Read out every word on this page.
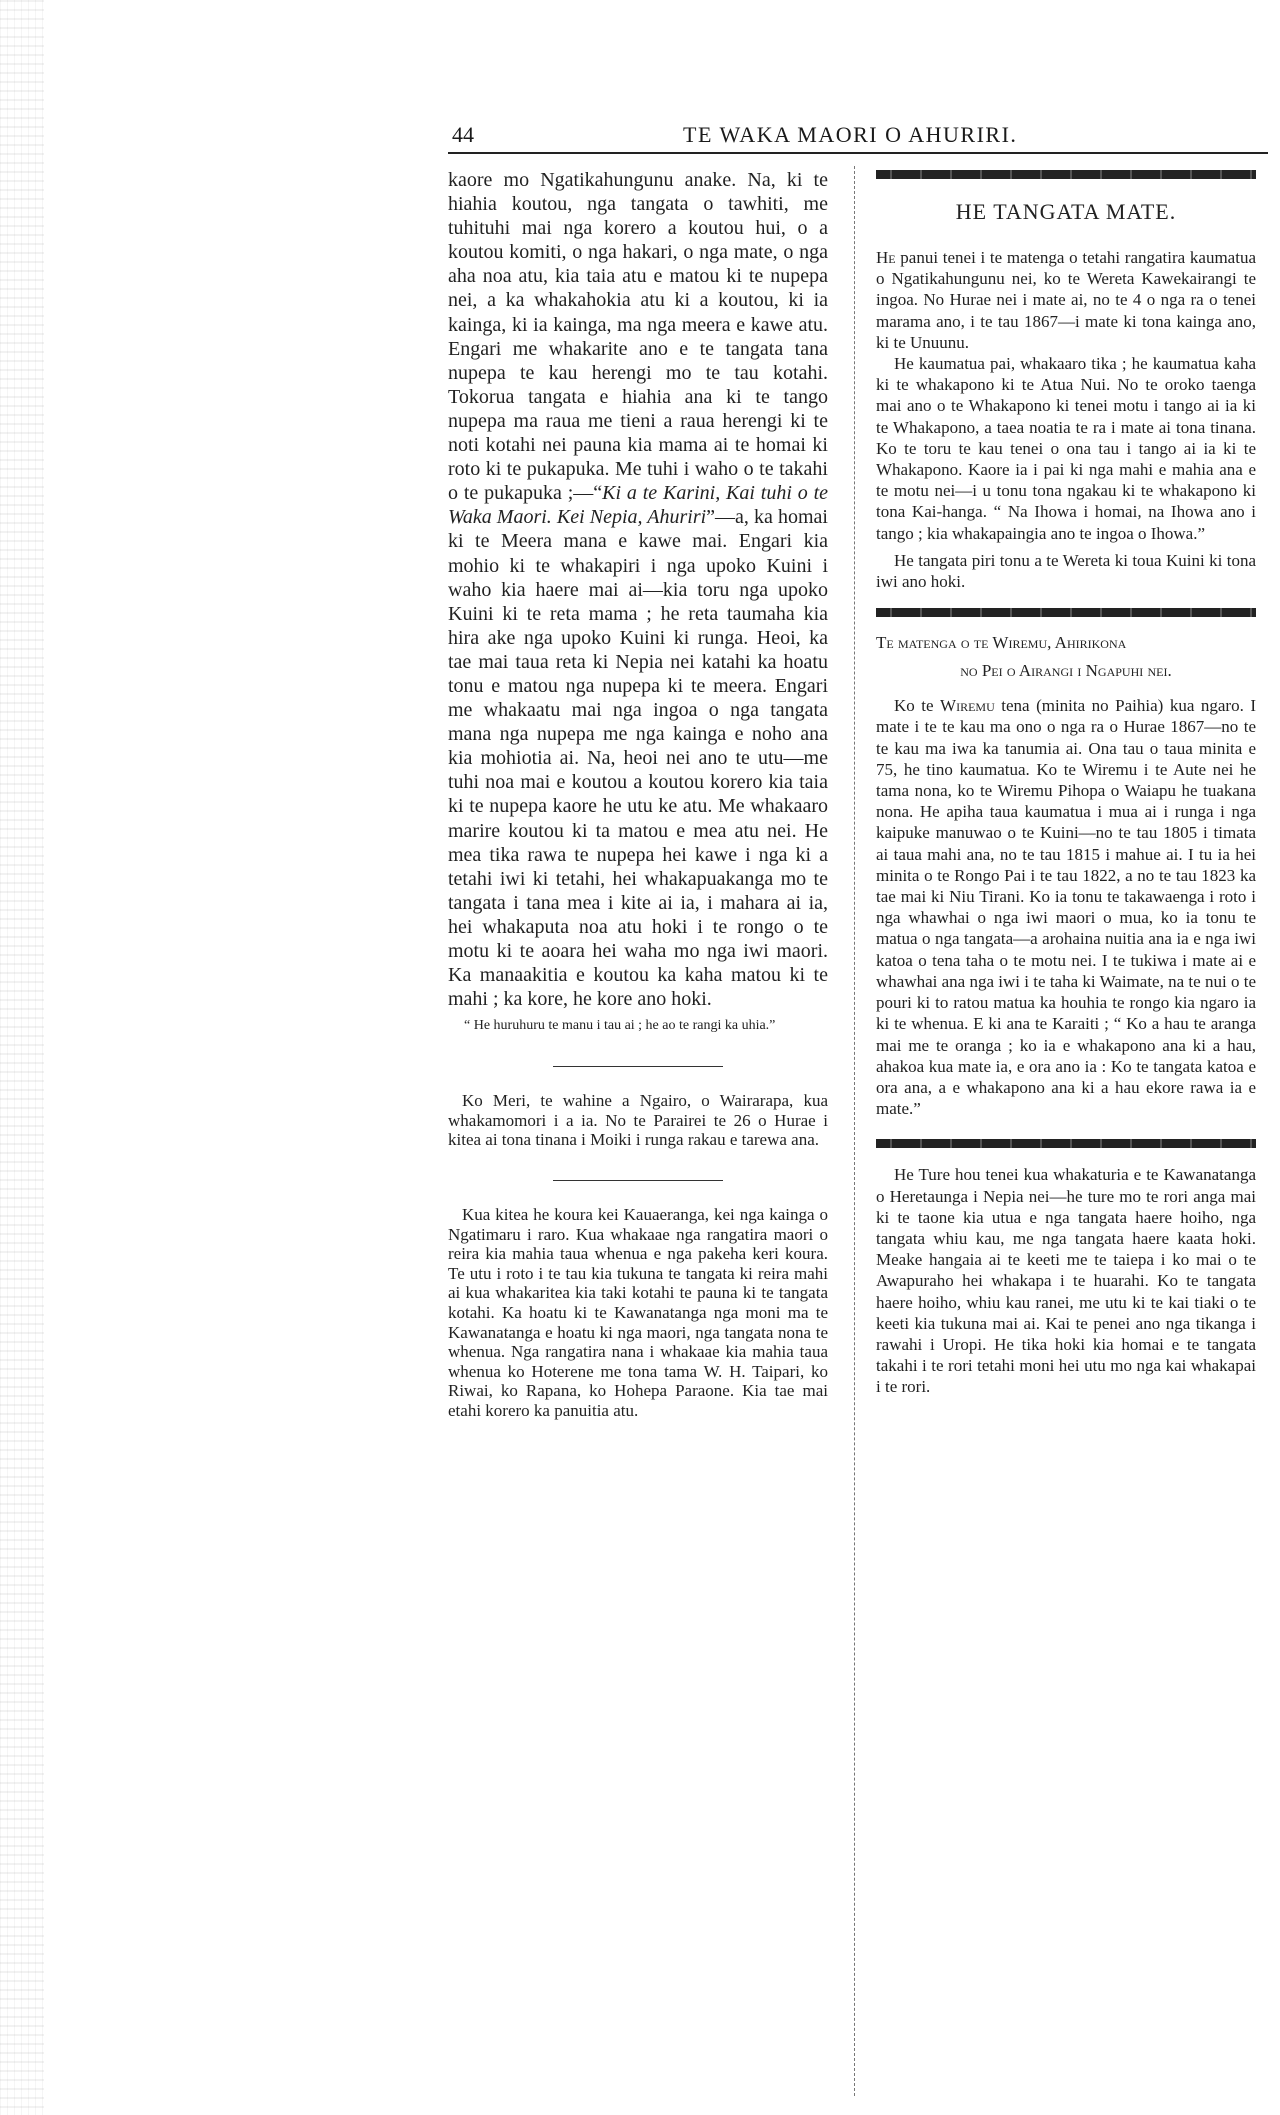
44	TE WAKA MAORI O AHURIRI.

kaore mo Ngatikahungunu anake. Na, ki te hiahia koutou, nga tangata o tawhiti, me tuhituhi mai nga korero a koutou hui, o a koutou komiti, o nga hakari, o nga mate, o nga aha noa atu, kia taia atu e matou ki te nupepa nei, a ka whakahokia atu ki a koutou, ki ia kainga, ki ia kainga, ma nga meera e kawe atu. Engari me whakarite ano e te tangata tana nupepa te kau herengi mo te tau kotahi. Tokorua tangata e hiahia ana ki te tango nupepa ma raua me tieni a raua herengi ki te noti kotahi nei pauna kia mama ai te homai ki roto ki te pukapuka. Me tuhi i waho o te takahi o te pukapuka ;—“Ki a te Karini, Kai tuhi o te Waka Maori. Kei Nepia, Ahuriri”—a, ka homai ki te Meera mana e kawe mai. Engari kia mohio ki te whakapiri i nga upoko Kuini i waho kia haere mai ai—kia toru nga upoko Kuini ki te reta mama ; he reta taumaha kia hira ake nga upoko Kuini ki runga. Heoi, ka tae mai taua reta ki Nepia nei katahi ka hoatu tonu e matou nga nupepa ki te meera. Engari me whakaatu mai nga ingoa o nga tangata mana nga nupepa me nga kainga e noho ana kia mohiotia ai. Na, heoi nei ano te utu—me tuhi noa mai e koutou a koutou korero kia taia ki te nupepa kaore he utu ke atu. Me whakaaro marire koutou ki ta matou e mea atu nei. He mea tika rawa te nupepa hei kawe i nga ki a tetahi iwi ki tetahi, hei whakapuakanga mo te tangata i tana mea i kite ai ia, i mahara ai ia, hei whakaputa noa atu hoki i te rongo o te motu ki te aoara hei waha mo nga iwi maori. Ka manaakitia e koutou ka kaha matou ki te mahi ; ka kore, he kore ano hoki.

“ He huruhuru te manu i tau ai ; he ao te rangi ka uhia.”

Ko Meri, te wahine a Ngairo, o Wairarapa, kua whakamomori i a ia. No te Parairei te 26 o Hurae i kitea ai tona tinana i Moiki i runga rakau e tarewa ana.

Kua kitea he koura kei Kauaeranga, kei nga kainga o Ngatimaru i raro. Kua whakaae nga rangatira maori o reira kia mahia taua whenua e nga pakeha keri koura. Te utu i roto i te tau kia tukuna te tangata ki reira mahi ai kua whakaritea kia taki kotahi te pauna ki te tangata kotahi. Ka hoatu ki te Kawanatanga nga moni ma te Kawanatanga e hoatu ki nga maori, nga tangata nona te whenua. Nga rangatira nana i whakaae kia mahia taua whenua ko Hoterene me tona tama W. H. Taipari, ko Riwai, ko Rapana, ko Hohepa Paraone. Kia tae mai etahi korero ka panuitia atu.

HE TANGATA MATE.

He panui tenei i te matenga o tetahi rangatira kaumatua o Ngatikahungunu nei, ko te Wereta Kawekairangi te ingoa. No Hurae nei i mate ai, no te 4 o nga ra o tenei marama ano, i te tau 1867—i mate ki tona kainga ano, ki te Unuunu.

He kaumatua pai, whakaaro tika ; he kaumatua kaha ki te whakapono ki te Atua Nui. No te oroko taenga mai ano o te Whakapono ki tenei motu i tango ai ia ki te Whakapono, a taea noatia te ra i mate ai tona tinana. Ko te toru te kau tenei o ona tau i tango ai ia ki te Whakapono. Kaore ia i pai ki nga mahi e mahia ana e te motu nei—i u tonu tona ngakau ki te whakapono ki tona Kai-hanga. “ Na Ihowa i homai, na Ihowa ano i tango ; kia whakapaingia ano te ingoa o Ihowa.”

He tangata piri tonu a te Wereta ki toua Kuini ki tona iwi ano hoki.

Te matenga o te Wiremu, Ahirikona
no Pei o Airangi i Ngapuhi nei.

Ko te Wiremu tena (minita no Paihia) kua ngaro. I mate i te te kau ma ono o nga ra o Hurae 1867—no te te kau ma iwa ka tanumia ai. Ona tau o taua minita e 75, he tino kaumatua. Ko te Wiremu i te Aute nei he tama nona, ko te Wiremu Pihopa o Waiapu he tuakana nona. He apiha taua kaumatua i mua ai i runga i nga kaipuke manuwao o te Kuini—no te tau 1805 i timata ai taua mahi ana, no te tau 1815 i mahue ai. I tu ia hei minita o te Rongo Pai i te tau 1822, a no te tau 1823 ka tae mai ki Niu Tirani. Ko ia tonu te takawaenga i roto i nga whawhai o nga iwi maori o mua, ko ia tonu te matua o nga tangata—a arohaina nuitia ana ia e nga iwi katoa o tena taha o te motu nei. I te tukiwa i mate ai e whawhai ana nga iwi i te taha ki Waimate, na te nui o te pouri ki to ratou matua ka houhia te rongo kia ngaro ia ki te whenua. E ki ana te Karaiti ; “ Ko a hau te aranga mai me te oranga ; ko ia e whakapono ana ki a hau, ahakoa kua mate ia, e ora ano ia : Ko te tangata katoa e ora ana, a e whakapono ana ki a hau ekore rawa ia e mate.”

He Ture hou tenei kua whakaturia e te Kawanatanga o Heretaunga i Nepia nei—he ture mo te rori anga mai ki te taone kia utua e nga tangata haere hoiho, nga tangata whiu kau, me nga tangata haere kaata hoki. Meake hangaia ai te keeti me te taiepa i ko mai o te Awapuraho hei whakapa i te huarahi. Ko te tangata haere hoiho, whiu kau ranei, me utu ki te kai tiaki o te keeti kia tukuna mai ai. Kai te penei ano nga tikanga i rawahi i Uropi. He tika hoki kia homai e te tangata takahi i te rori tetahi moni hei utu mo nga kai whakapai i te rori.
